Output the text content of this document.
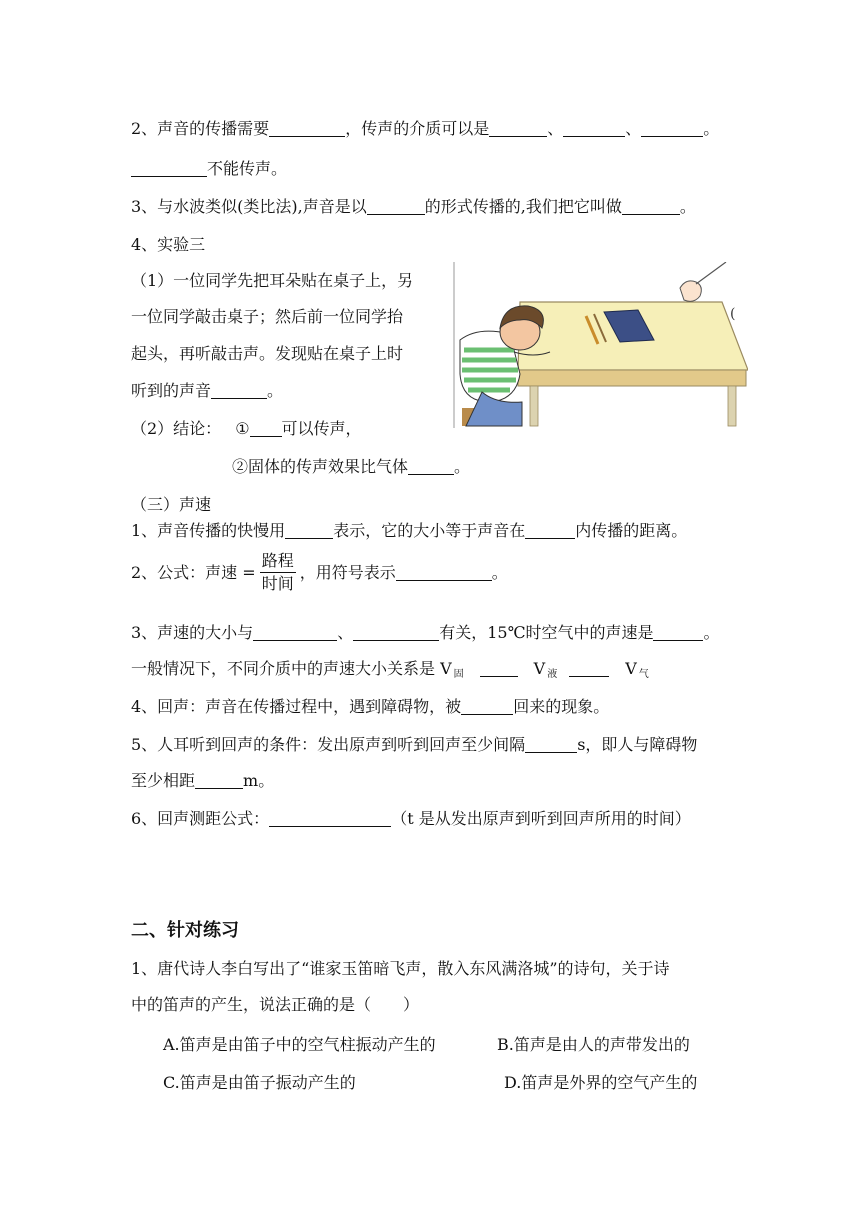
2、声音的传播需要	，传声的介质可以是	、	、	。
不能传声。
3、与水波类似(类比法),声音是以	的形式传播的,我们把它叫做	。
4、实验三
（1）一位同学先把耳朵贴在桌子上，另
一位同学敲击桌子；然后前一位同学抬
起头，再听敲击声。发现贴在桌子上时
听到的声音	。
（2）结论： ① 可以传声，
②固体的传声效果比气体	。
(
（三）声速
1、声音传播的快慢用	表示，它的大小等于声音在	内传播的距离。
2、公式：声速 = $\frac{\text{路程}}{\text{时间}}$ ，用符号表示	。
3、声速的大小与	、	有关，15℃时空气中的声速是	。
一般情况下，不同介质中的声速大小关系是 V $_固$	V $_液$	V $_气$
4、回声：声音在传播过程中，遇到障碍物，被	回来的现象。
5、人耳听到回声的条件：发出原声到听到回声至少间隔	s，即人与障碍物
至少相距	m。
6、回声测距公式：	（t 是从发出原声到听到回声所用的时间）
二、针对练习
1、唐代诗人李白写出了“谁家玉笛暗飞声，散入东风满洛城”的诗句，关于诗
中的笛声的产生，说法正确的是（　　）
A.笛声是由笛子中的空气柱振动产生的	B.笛声是由人的声带发出的
C.笛声是由笛子振动产生的	D.笛声是外界的空气产生的
